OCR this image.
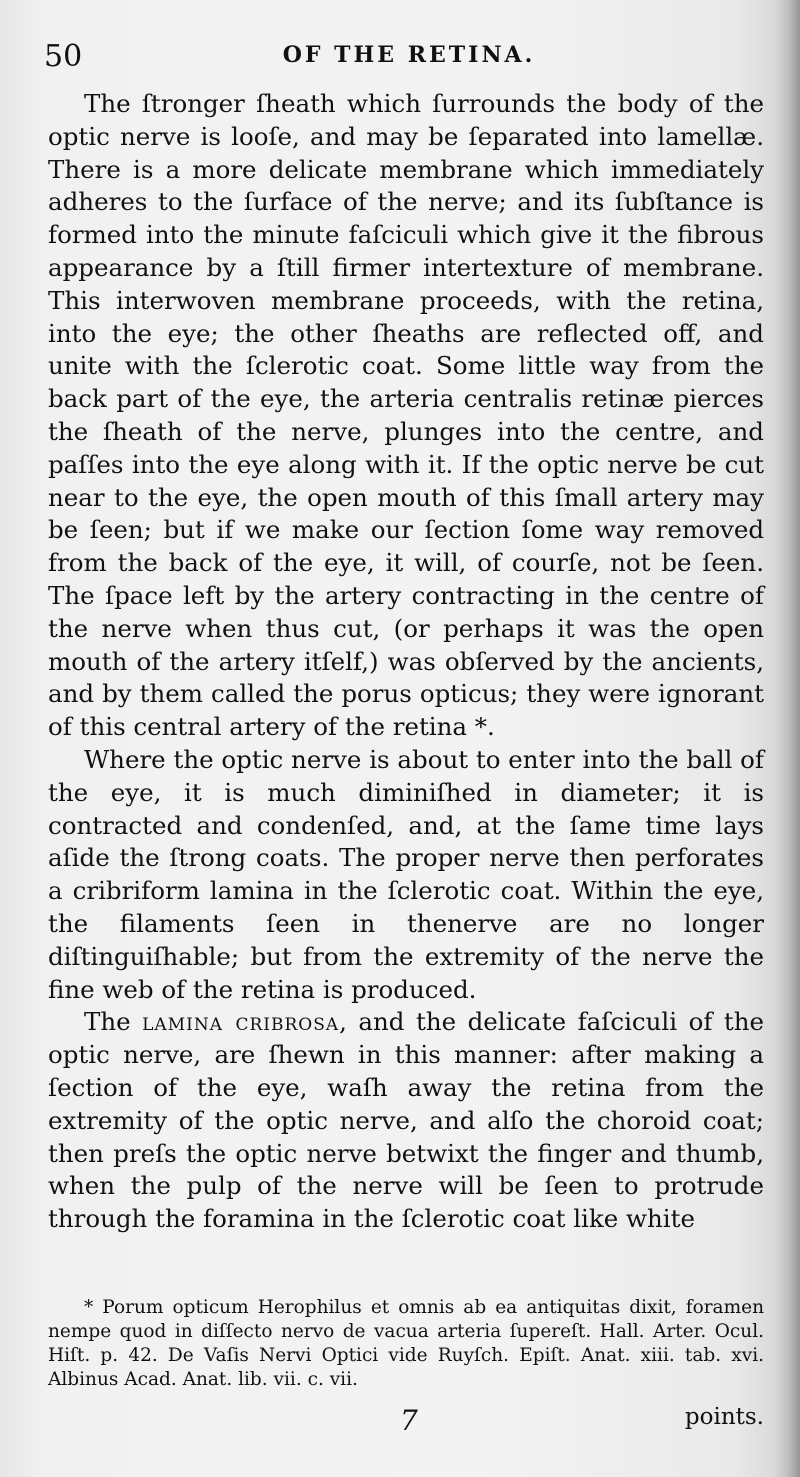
50	OF THE RETINA.

The ſtronger ſheath which ſurrounds the body of the optic nerve is looſe, and may be ſeparated into lamellæ. There is a more delicate membrane which immediately adheres to the ſurface of the nerve; and its ſubſtance is formed into the minute faſciculi which give it the fibrous appearance by a ſtill firmer intertexture of membrane. This interwoven membrane proceeds, with the retina, into the eye; the other ſheaths are reflected off, and unite with the ſclerotic coat. Some little way from the back part of the eye, the arteria centralis retinæ pierces the ſheath of the nerve, plunges into the centre, and paſſes into the eye along with it. If the optic nerve be cut near to the eye, the open mouth of this ſmall artery may be ſeen; but if we make our ſection ſome way removed from the back of the eye, it will, of courſe, not be ſeen. The ſpace left by the artery contracting in the centre of the nerve when thus cut, (or perhaps it was the open mouth of the artery itſelf,) was obſerved by the ancients, and by them called the porus opticus; they were ignorant of this central artery of the retina *.

Where the optic nerve is about to enter into the ball of the eye, it is much diminiſhed in diameter; it is contracted and condenſed, and, at the ſame time lays aſide the ſtrong coats. The proper nerve then perforates a cribriform lamina in the ſclerotic coat. Within the eye, the filaments ſeen in thenerve are no longer diſtinguiſhable; but from the extremity of the nerve the fine web of the retina is produced.

The lamina cribrosa, and the delicate faſciculi of the optic nerve, are ſhewn in this manner: after making a ſection of the eye, waſh away the retina from the extremity of the optic nerve, and alſo the choroid coat; then preſs the optic nerve betwixt the finger and thumb, when the pulp of the nerve will be ſeen to protrude through the foramina in the ſclerotic coat like white

* Porum opticum Herophilus et omnis ab ea antiquitas dixit, foramen nempe quod in diſſecto nervo de vacua arteria ſupereſt. Hall. Arter. Ocul. Hiſt. p. 42. De Vaſis Nervi Optici vide Ruyſch. Epiſt. Anat. xiii. tab. xvi. Albinus Acad. Anat. lib. vii. c. vii.

7	points.
